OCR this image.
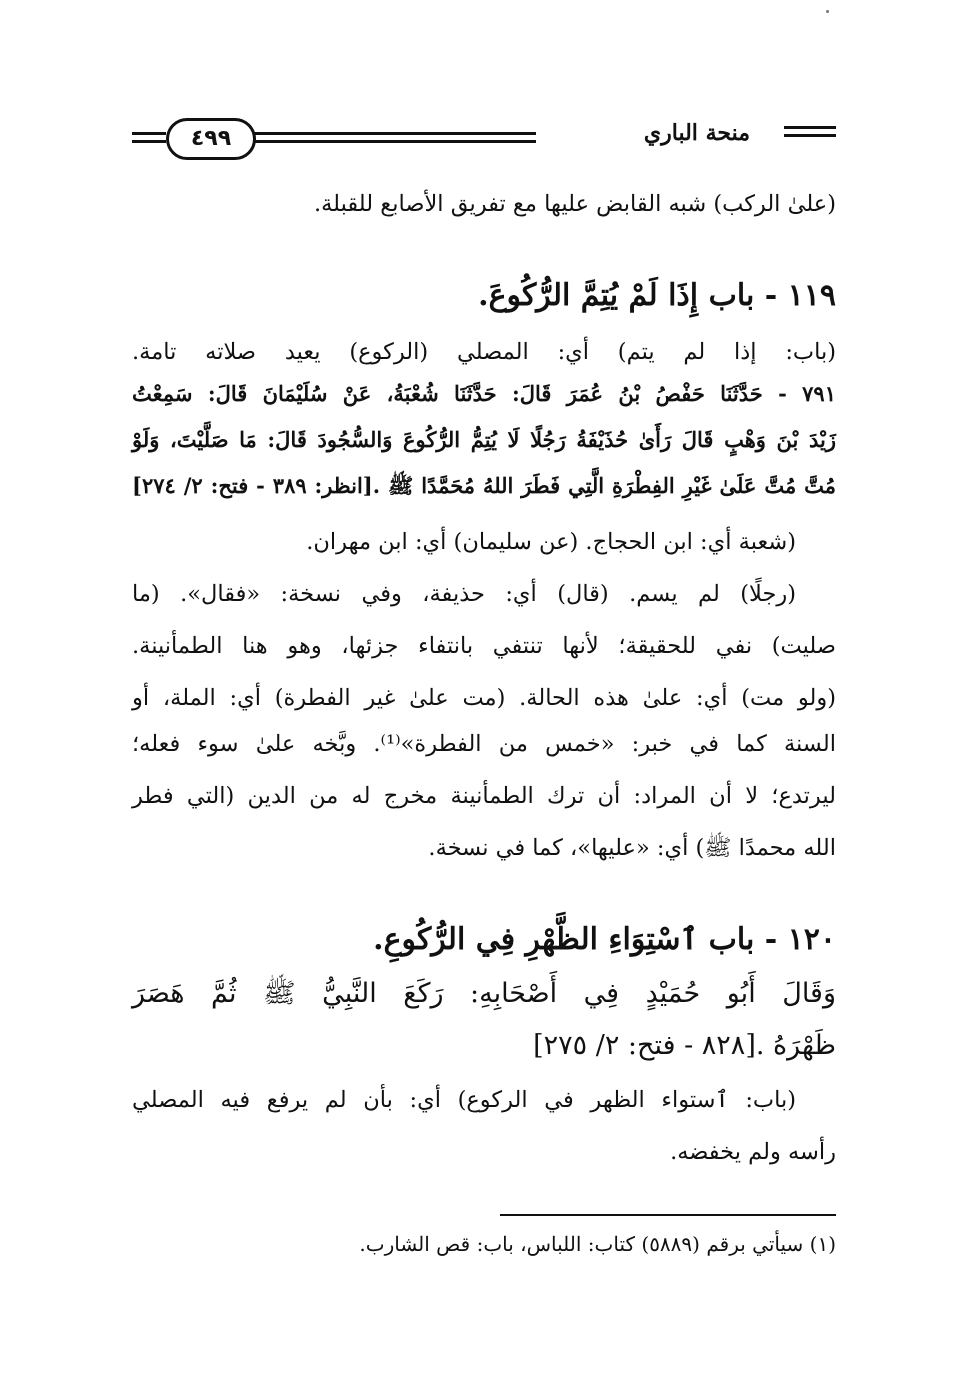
منحة الباري
٤٩٩
(علىٰ الركب) شبه القابض عليها مع تفريق الأصابع للقبلة.
١١٩ - باب إِذَا لَمْ يُتِمَّ الرُّكُوعَ.
(باب: إذا لم يتم) أي: المصلي (الركوع) يعيد صلاته تامة.
٧٩١ - حَدَّثَنَا حَفْصُ بْنُ عُمَرَ قَالَ: حَدَّثَنَا شُعْبَةُ، عَنْ سُلَيْمَانَ قَالَ: سَمِعْتُ
زَيْدَ بْنَ وَهْبٍ قَالَ رَأَىٰ حُذَيْفَةُ رَجُلًا لَا يُتِمُّ الرُّكُوعَ وَالسُّجُودَ قَالَ: مَا صَلَّيْتَ، وَلَوْ
مُتَّ مُتَّ عَلَىٰ غَيْرِ الفِطْرَةِ الَّتِي فَطَرَ اللهُ مُحَمَّدًا ﷺ .[انظر: ٣٨٩ - فتح: ٢/ ٢٧٤]
(شعبة أي: ابن الحجاج. (عن سليمان) أي: ابن مهران.
(رجلًا) لم يسم. (قال) أي: حذيفة، وفي نسخة: «فقال». (ما
صليت) نفي للحقيقة؛ لأنها تنتفي بانتفاء جزئها، وهو هنا الطمأنينة.
(ولو مت) أي: علىٰ هذه الحالة. (مت علىٰ غير الفطرة) أي: الملة، أو
السنة كما في خبر: «خمس من الفطرة»⁽¹⁾. وبَّخه علىٰ سوء فعله؛
ليرتدع؛ لا أن المراد: أن ترك الطمأنينة مخرج له من الدين (التي فطر
الله محمدًا ﷺ) أي: «عليها»، كما في نسخة.
١٢٠ - باب ٱسْتِوَاءِ الظَّهْرِ فِي الرُّكُوعِ.
وَقَالَ أَبُو حُمَيْدٍ فِي أَصْحَابِهِ: رَكَعَ النَّبِيُّ ﷺ ثُمَّ هَصَرَ
ظَهْرَهُ .[٨٢٨ - فتح: ٢/ ٢٧٥]
(باب: ٱستواء الظهر في الركوع) أي: بأن لم يرفع فيه المصلي
رأسه ولم يخفضه.
(١) سيأتي برقم (٥٨٨٩) كتاب: اللباس، باب: قص الشارب.
